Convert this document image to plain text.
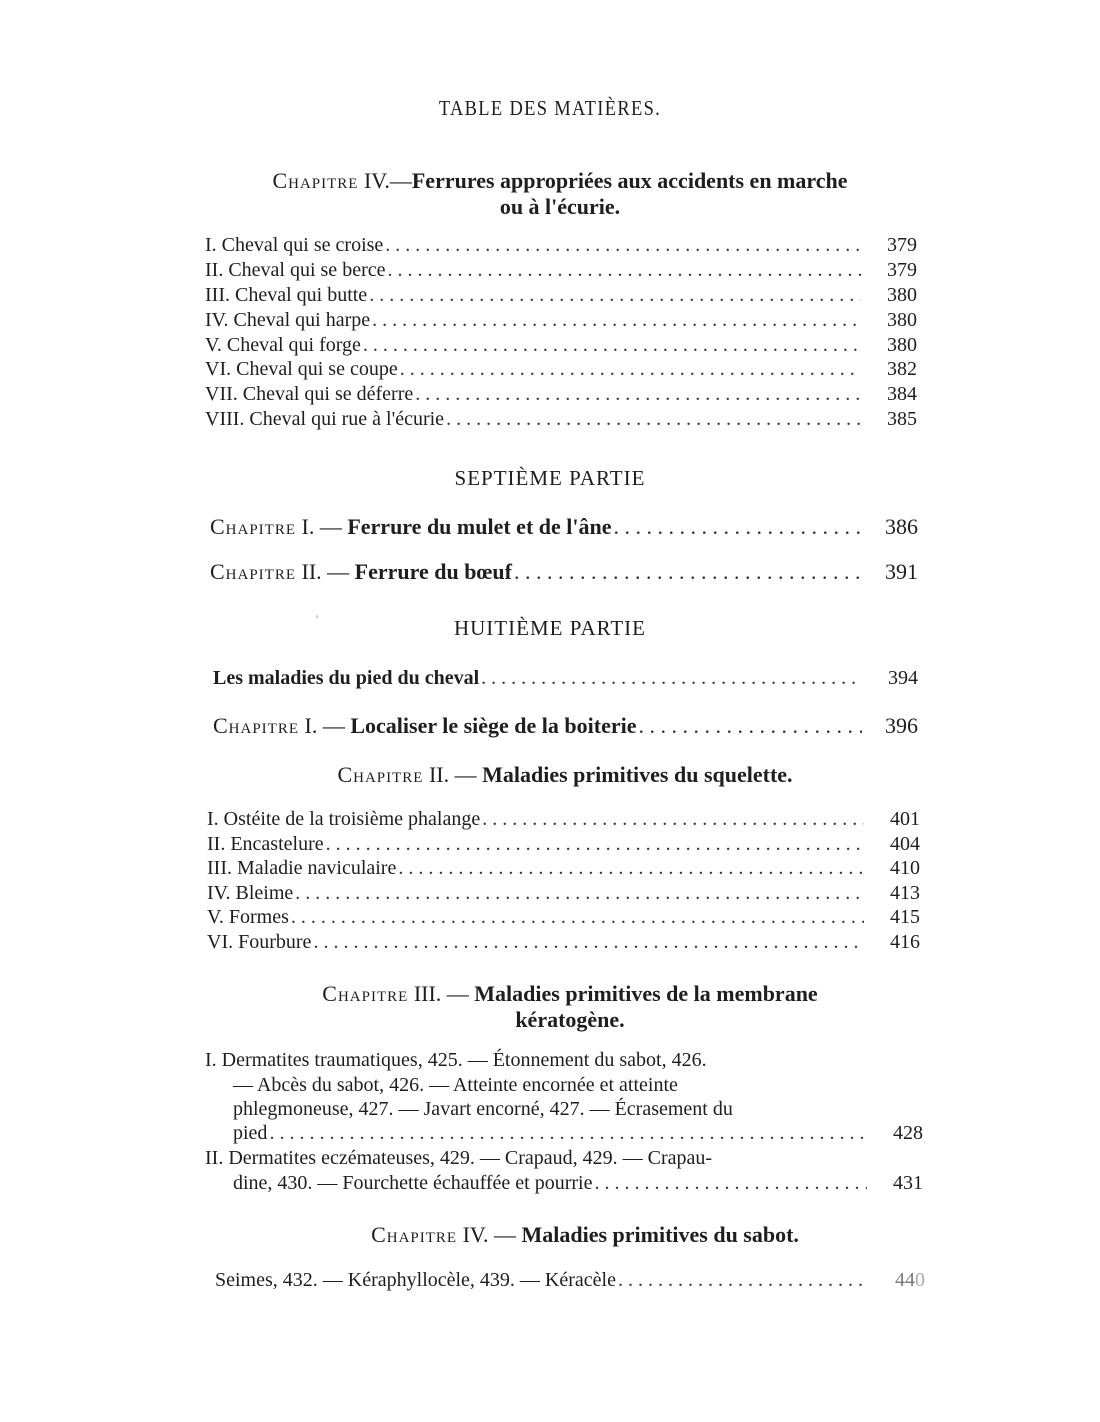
TABLE DES MATIÈRES.
Chapitre IV.—Ferrures appropriées aux accidents en marche
ou à l'écurie.
I. Cheval qui se croise . . .	379
II. Cheval qui se berce . . .	379
III. Cheval qui butte . . .	380
IV. Cheval qui harpe . . .	380
V. Cheval qui forge . . .	380
VI. Cheval qui se coupe . . .	382
VII. Cheval qui se déferre . . .	384
VIII. Cheval qui rue à l'écurie . . .	385
SEPTIÈME PARTIE
Chapitre I. — Ferrure du mulet et de l'âne . . .	386
Chapitre II. — Ferrure du bœuf . . .	391
'	HUITIÈME PARTIE
Les maladies du pied du cheval . . .	394
Chapitre I. — Localiser le siège de la boiterie . . .	396
Chapitre II. — Maladies primitives du squelette.
I. Ostéite de la troisième phalange . . .	401
II. Encastelure . . .	404
III. Maladie naviculaire . . .	410
IV. Bleime . . .	413
V. Formes . . .	415
VI. Fourbure . . .	416
Chapitre III. — Maladies primitives de la membrane
kératogène.
I. Dermatites traumatiques, 425. — Étonnement du sabot, 426.
— Abcès du sabot, 426. — Atteinte encornée et atteinte
phlegmoneuse, 427. — Javart encorné, 427. — Écrasement du
pied . . .	428
II. Dermatites eczémateuses, 429. — Crapaud, 429. — Crapau-
dine, 430. — Fourchette échauffée et pourrie . . .	431
Chapitre IV. — Maladies primitives du sabot.
Seimes, 432. — Kéraphyllocèle, 439. — Kéracèle . . .	440
